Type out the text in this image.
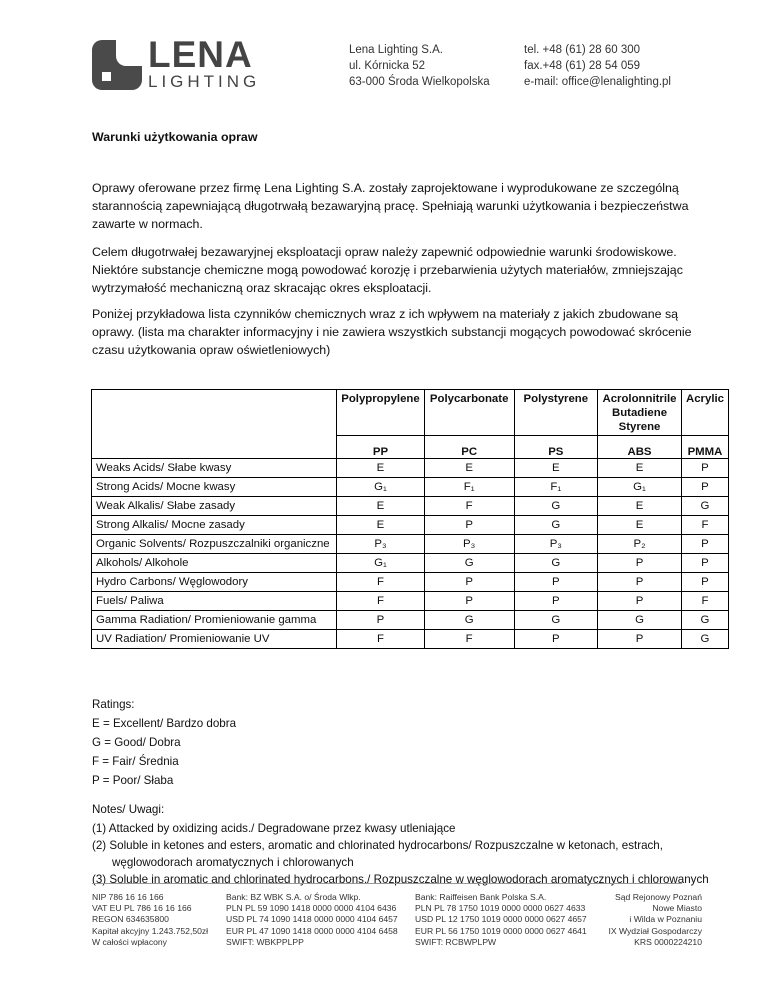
LENA
LIGHTING
Lena Lighting S.A.
ul. Kórnicka 52
63-000 Środa Wielkopolska
tel. +48 (61) 28 60 300
fax.+48 (61) 28 54 059
e-mail: office@lenalighting.pl
Warunki użytkowania opraw
Oprawy oferowane przez firmę Lena Lighting S.A. zostały zaprojektowane i wyprodukowane ze szczególną starannością zapewniającą długotrwałą bezawaryjną pracę. Spełniają warunki użytkowania i bezpieczeństwa zawarte w normach.
Celem długotrwałej bezawaryjnej eksploatacji opraw należy zapewnić odpowiednie warunki środowiskowe. Niektóre substancje chemiczne mogą powodować korozję i przebarwienia użytych materiałów, zmniejszając wytrzymałość mechaniczną oraz skracając okres eksploatacji.
Poniżej przykładowa lista czynników chemicznych wraz z ich wpływem na materiały z jakich zbudowane są oprawy. (lista ma charakter informacyjny i nie zawiera wszystkich substancji mogących powodować skrócenie czasu użytkowania opraw oświetleniowych)
	Polypropylene	Polycarbonate	Polystyrene	Acrolonnitrile Butadiene Styrene	Acrylic
	PP	PC	PS	ABS	PMMA
Weaks Acids/ Słabe kwasy	E	E	E	E	P
Strong Acids/ Mocne kwasy	G₁	F₁	F₁	G₁	P
Weak Alkalis/ Słabe zasady	E	F	G	E	G
Strong Alkalis/ Mocne zasady	E	P	G	E	F
Organic Solvents/ Rozpuszczalniki organiczne	P₃	P₃	P₃	P₂	P
Alkohols/ Alkohole	G₁	G	G	P	P
Hydro Carbons/ Węglowodory	F	P	P	P	P
Fuels/ Paliwa	F	P	P	P	F
Gamma Radiation/ Promieniowanie gamma	P	G	G	G	G
UV Radiation/ Promieniowanie UV	F	F	P	P	G
Ratings:
E = Excellent/ Bardzo dobra
G = Good/ Dobra
F = Fair/ Średnia
P = Poor/ Słaba
Notes/ Uwagi:
(1) Attacked by oxidizing acids./ Degradowane przez kwasy utleniające
(2) Soluble in ketones and esters, aromatic and chlorinated hydrocarbons/ Rozpuszczalne w ketonach, estrach,
węglowodorach aromatycznych i chlorowanych
(3) Soluble in aromatic and chlorinated hydrocarbons./ Rozpuszczalne w węglowodorach aromatycznych i chlorowanych
NIP 786 16 16 166
VAT EU PL 786 16 16 166
REGON 634635800
Kapitał akcyjny 1.243.752,50zł
W całości wpłacony
Bank: BZ WBK S.A. o/ Środa Wlkp.
PLN PL 59 1090 1418 0000 0000 4104 6436
USD PL 74 1090 1418 0000 0000 4104 6457
EUR PL 47 1090 1418 0000 0000 4104 6458
SWIFT: WBKPPLPP
Bank: Raiffeisen Bank Polska S.A.
PLN PL 78 1750 1019 0000 0000 0627 4633
USD PL 12 1750 1019 0000 0000 0627 4657
EUR PL 56 1750 1019 0000 0000 0627 4641
SWIFT: RCBWPLPW
Sąd Rejonowy Poznań
Nowe Miasto
i Wilda w Poznaniu
IX Wydział Gospodarczy
KRS 0000224210
